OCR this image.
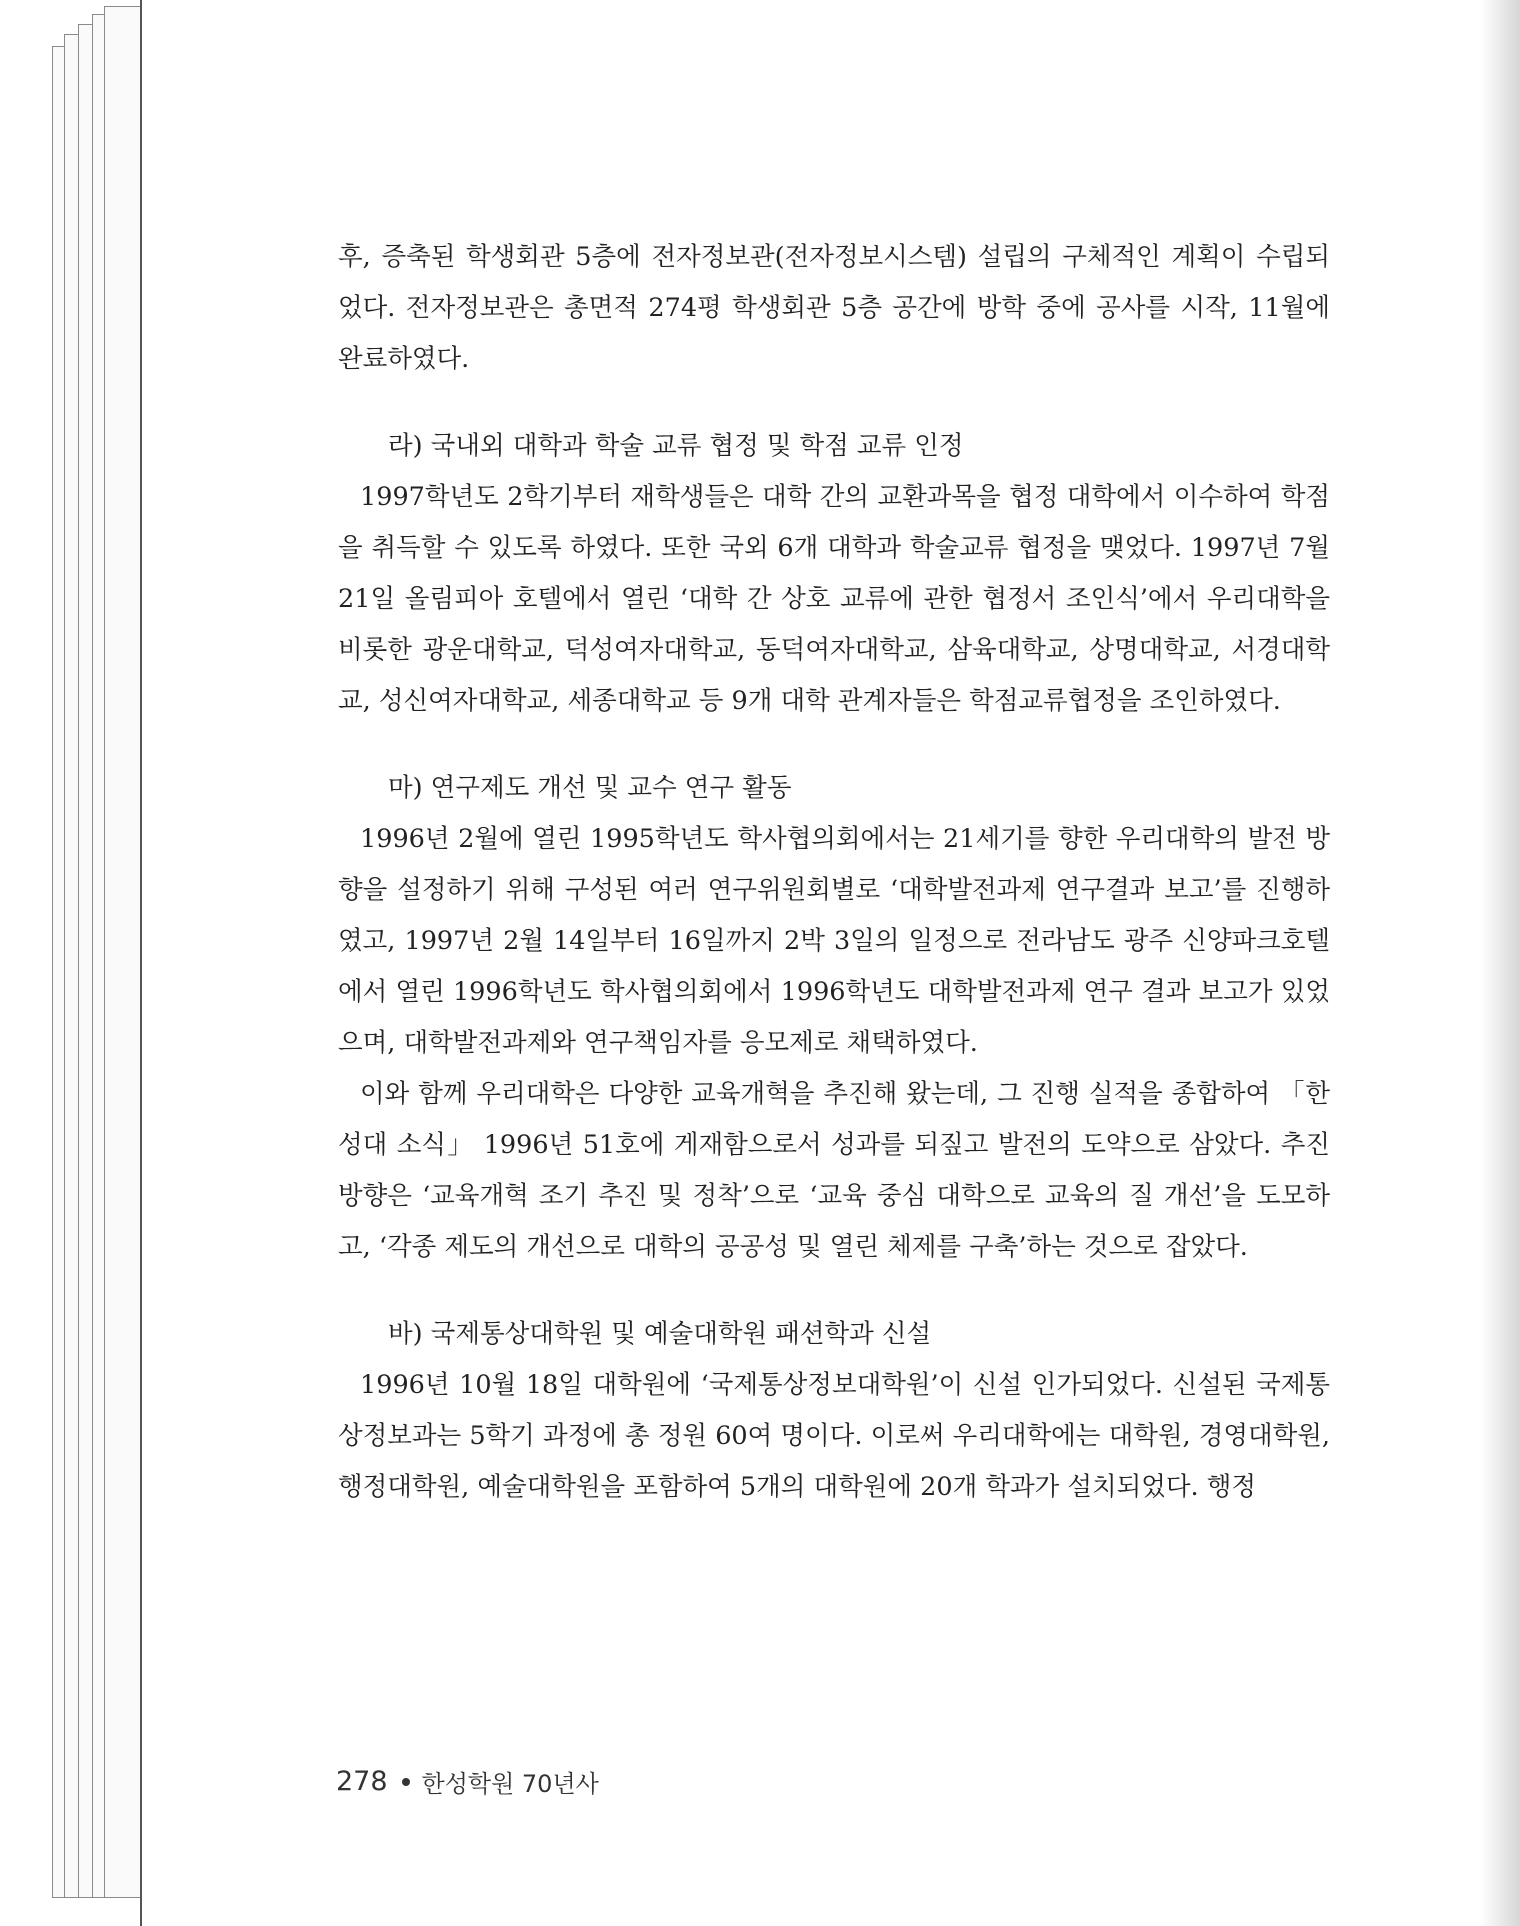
후, 증축된 학생회관 5층에 전자정보관(전자정보시스템) 설립의 구체적인 계획이 수립되었다. 전자정보관은 총면적 274평 학생회관 5층 공간에 방학 중에 공사를 시작, 11월에 완료하였다.

라) 국내외 대학과 학술 교류 협정 및 학점 교류 인정

1997학년도 2학기부터 재학생들은 대학 간의 교환과목을 협정 대학에서 이수하여 학점을 취득할 수 있도록 하였다. 또한 국외 6개 대학과 학술교류 협정을 맺었다. 1997년 7월 21일 올림피아 호텔에서 열린 ‘대학 간 상호 교류에 관한 협정서 조인식’에서 우리대학을 비롯한 광운대학교, 덕성여자대학교, 동덕여자대학교, 삼육대학교, 상명대학교, 서경대학교, 성신여자대학교, 세종대학교 등 9개 대학 관계자들은 학점교류협정을 조인하였다.

마) 연구제도 개선 및 교수 연구 활동

1996년 2월에 열린 1995학년도 학사협의회에서는 21세기를 향한 우리대학의 발전 방향을 설정하기 위해 구성된 여러 연구위원회별로 ‘대학발전과제 연구결과 보고’를 진행하였고, 1997년 2월 14일부터 16일까지 2박 3일의 일정으로 전라남도 광주 신양파크호텔에서 열린 1996학년도 학사협의회에서 1996학년도 대학발전과제 연구 결과 보고가 있었으며, 대학발전과제와 연구책임자를 응모제로 채택하였다.

이와 함께 우리대학은 다양한 교육개혁을 추진해 왔는데, 그 진행 실적을 종합하여 「한성대 소식」 1996년 51호에 게재함으로서 성과를 되짚고 발전의 도약으로 삼았다. 추진 방향은 ‘교육개혁 조기 추진 및 정착’으로 ‘교육 중심 대학으로 교육의 질 개선’을 도모하고, ‘각종 제도의 개선으로 대학의 공공성 및 열린 체제를 구축’하는 것으로 잡았다.

바) 국제통상대학원 및 예술대학원 패션학과 신설

1996년 10월 18일 대학원에 ‘국제통상정보대학원’이 신설 인가되었다. 신설된 국제통상정보과는 5학기 과정에 총 정원 60여 명이다. 이로써 우리대학에는 대학원, 경영대학원, 행정대학원, 예술대학원을 포함하여 5개의 대학원에 20개 학과가 설치되었다. 행정

278 한성학원 70년사
